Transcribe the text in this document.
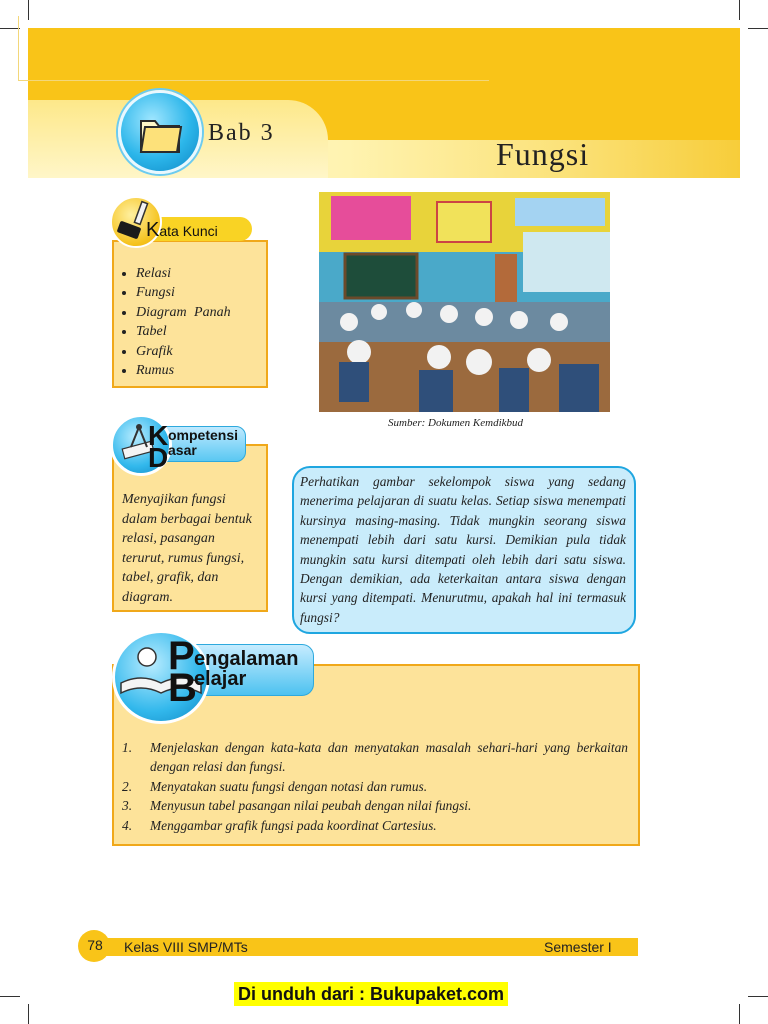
Bab 3
Fungsi
Kata Kunci
• Relasi
• Fungsi
• Diagram Panah
• Tabel
• Grafik
• Rumus
K
D
ompetensi
asar
Menyajikan fungsi dalam berbagai bentuk relasi, pasangan terurut, rumus fungsi, tabel, grafik, dan diagram.
Sumber: Dokumen Kemdikbud
Perhatikan gambar sekelompok siswa yang sedang menerima pelajaran di suatu kelas. Setiap siswa menempati kursinya masing-masing. Tidak mungkin seorang siswa menempati lebih dari satu kursi. Demikian pula tidak mungkin satu kursi ditempati oleh lebih dari satu siswa. Dengan demikian, ada keterkaitan antara siswa dengan kursi yang ditempati. Menurutmu, apakah hal ini termasuk fungsi?
P
B
engalaman
elajar
1. Menjelaskan dengan kata-kata dan menyatakan masalah sehari-hari yang berkaitan dengan relasi dan fungsi.
2. Menyatakan suatu fungsi dengan notasi dan rumus.
3. Menyusun tabel pasangan nilai peubah dengan nilai fungsi.
4. Menggambar grafik fungsi pada koordinat Cartesius.
78	Kelas VIII SMP/MTs	Semester I
Di unduh dari : Bukupaket.com
